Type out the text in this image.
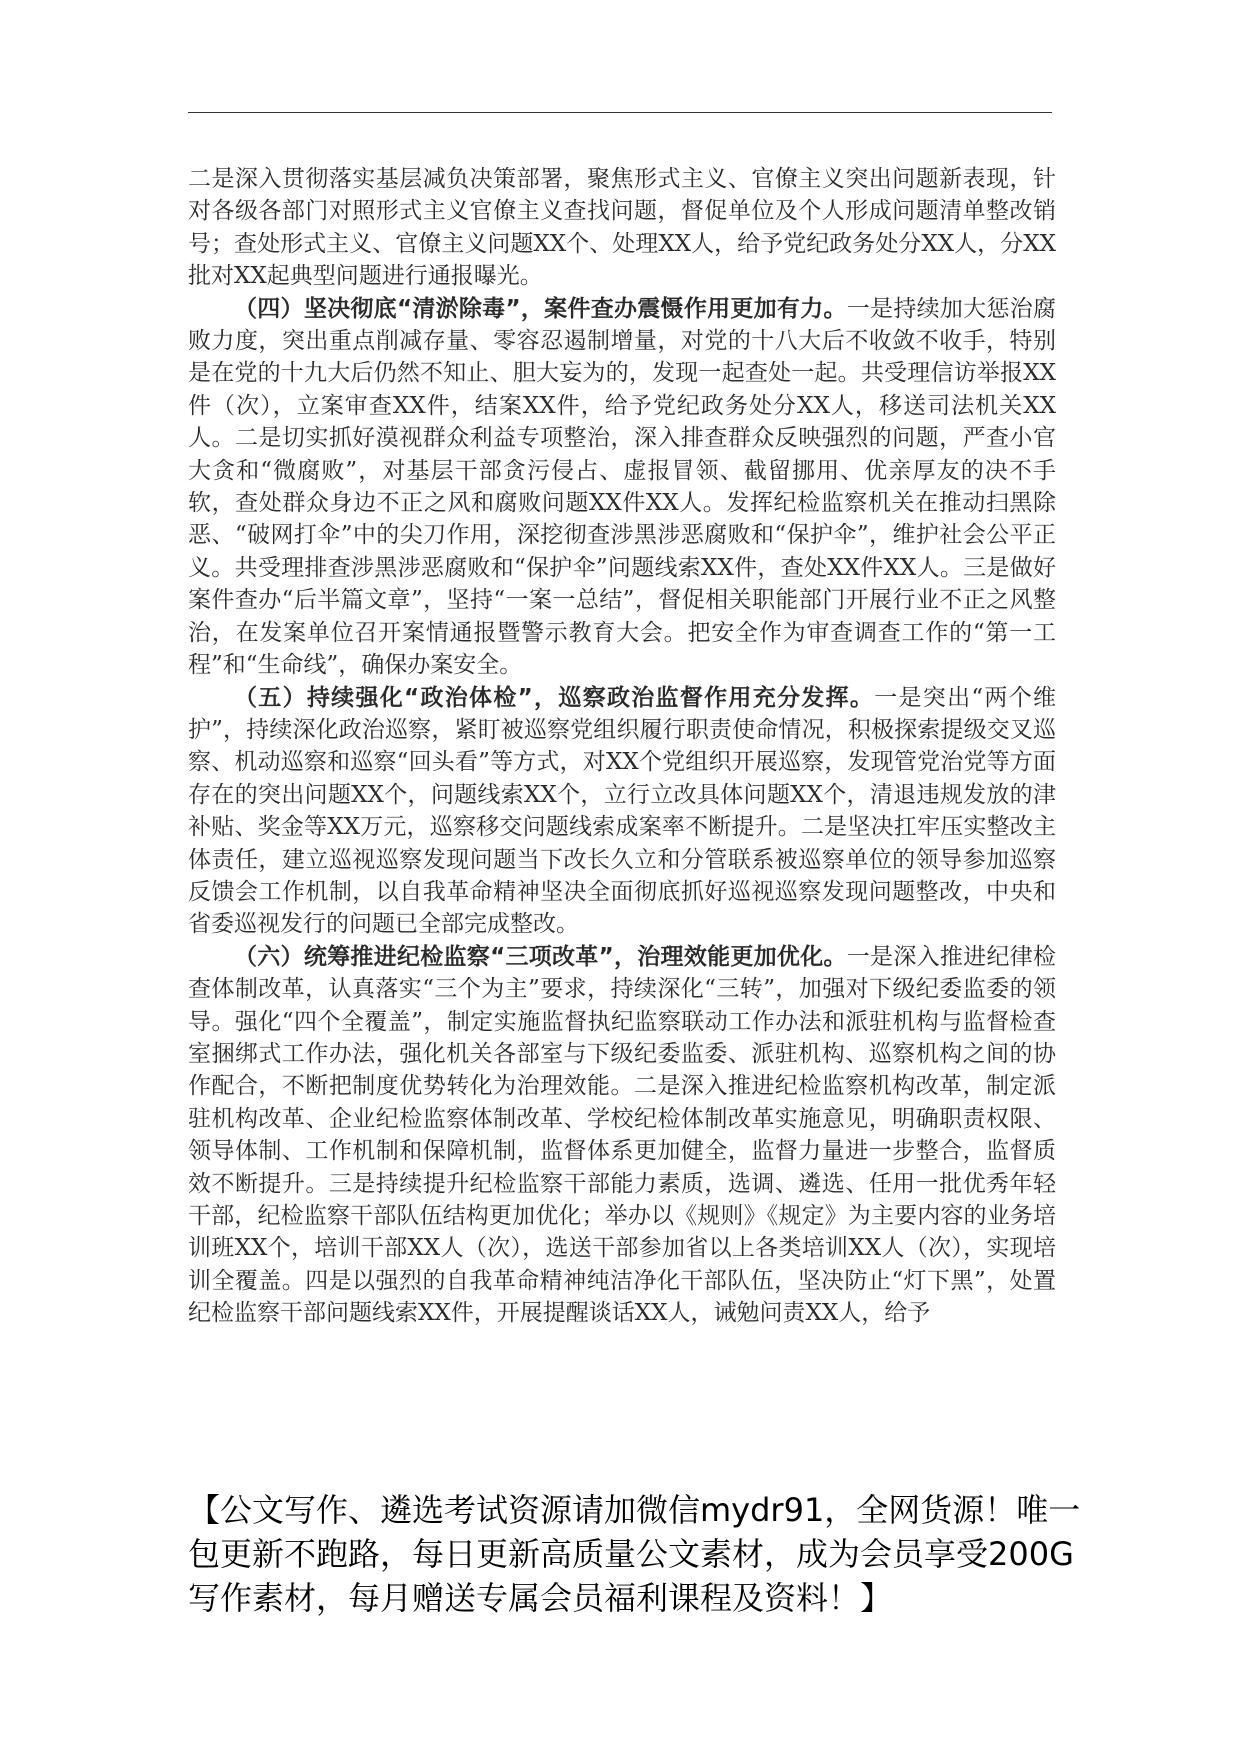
二是深入贯彻落实基层减负决策部署，聚焦形式主义、官僚主义突出问题新表现，针对各级各部门对照形式主义官僚主义查找问题，督促单位及个人形成问题清单整改销号；查处形式主义、官僚主义问题XX个、处理XX人，给予党纪政务处分XX人，分XX批对XX起典型问题进行通报曝光。

（四）坚决彻底“清淤除毒”，案件查办震慑作用更加有力。一是持续加大惩治腐败力度，突出重点削减存量、零容忍遏制增量，对党的十八大后不收敛不收手，特别是在党的十九大后仍然不知止、胆大妄为的，发现一起查处一起。共受理信访举报XX件（次），立案审查XX件，结案XX件，给予党纪政务处分XX人，移送司法机关XX人。二是切实抓好漠视群众利益专项整治，深入排查群众反映强烈的问题，严查小官大贪和“微腐败”，对基层干部贪污侵占、虚报冒领、截留挪用、优亲厚友的决不手软，查处群众身边不正之风和腐败问题XX件XX人。发挥纪检监察机关在推动扫黑除恶、“破网打伞”中的尖刀作用，深挖彻查涉黑涉恶腐败和“保护伞”，维护社会公平正义。共受理排查涉黑涉恶腐败和“保护伞”问题线索XX件，查处XX件XX人。三是做好案件查办“后半篇文章”，坚持“一案一总结”，督促相关职能部门开展行业不正之风整治，在发案单位召开案情通报暨警示教育大会。把安全作为审查调查工作的“第一工程”和“生命线”，确保办案安全。

（五）持续强化“政治体检”，巡察政治监督作用充分发挥。一是突出“两个维护”，持续深化政治巡察，紧盯被巡察党组织履行职责使命情况，积极探索提级交叉巡察、机动巡察和巡察“回头看”等方式，对XX个党组织开展巡察，发现管党治党等方面存在的突出问题XX个，问题线索XX个，立行立改具体问题XX个，清退违规发放的津补贴、奖金等XX万元，巡察移交问题线索成案率不断提升。二是坚决扛牢压实整改主体责任，建立巡视巡察发现问题当下改长久立和分管联系被巡察单位的领导参加巡察反馈会工作机制，以自我革命精神坚决全面彻底抓好巡视巡察发现问题整改，中央和省委巡视发行的问题已全部完成整改。

（六）统筹推进纪检监察“三项改革”，治理效能更加优化。一是深入推进纪律检查体制改革，认真落实“三个为主”要求，持续深化“三转”，加强对下级纪委监委的领导。强化“四个全覆盖”，制定实施监督执纪监察联动工作办法和派驻机构与监督检查室捆绑式工作办法，强化机关各部室与下级纪委监委、派驻机构、巡察机构之间的协作配合，不断把制度优势转化为治理效能。二是深入推进纪检监察机构改革，制定派驻机构改革、企业纪检监察体制改革、学校纪检体制改革实施意见，明确职责权限、领导体制、工作机制和保障机制，监督体系更加健全，监督力量进一步整合，监督质效不断提升。三是持续提升纪检监察干部能力素质，选调、遴选、任用一批优秀年轻干部，纪检监察干部队伍结构更加优化；举办以《规则》《规定》为主要内容的业务培训班XX个，培训干部XX人（次），选送干部参加省以上各类培训XX人（次），实现培训全覆盖。四是以强烈的自我革命精神纯洁净化干部队伍，坚决防止“灯下黑”，处置纪检监察干部问题线索XX件，开展提醒谈话XX人，诫勉问责XX人，给予

【公文写作、遴选考试资源请加微信mydr91，全网货源！唯一包更新不跑路，每日更新高质量公文素材，成为会员享受200G写作素材，每月赠送专属会员福利课程及资料！】
